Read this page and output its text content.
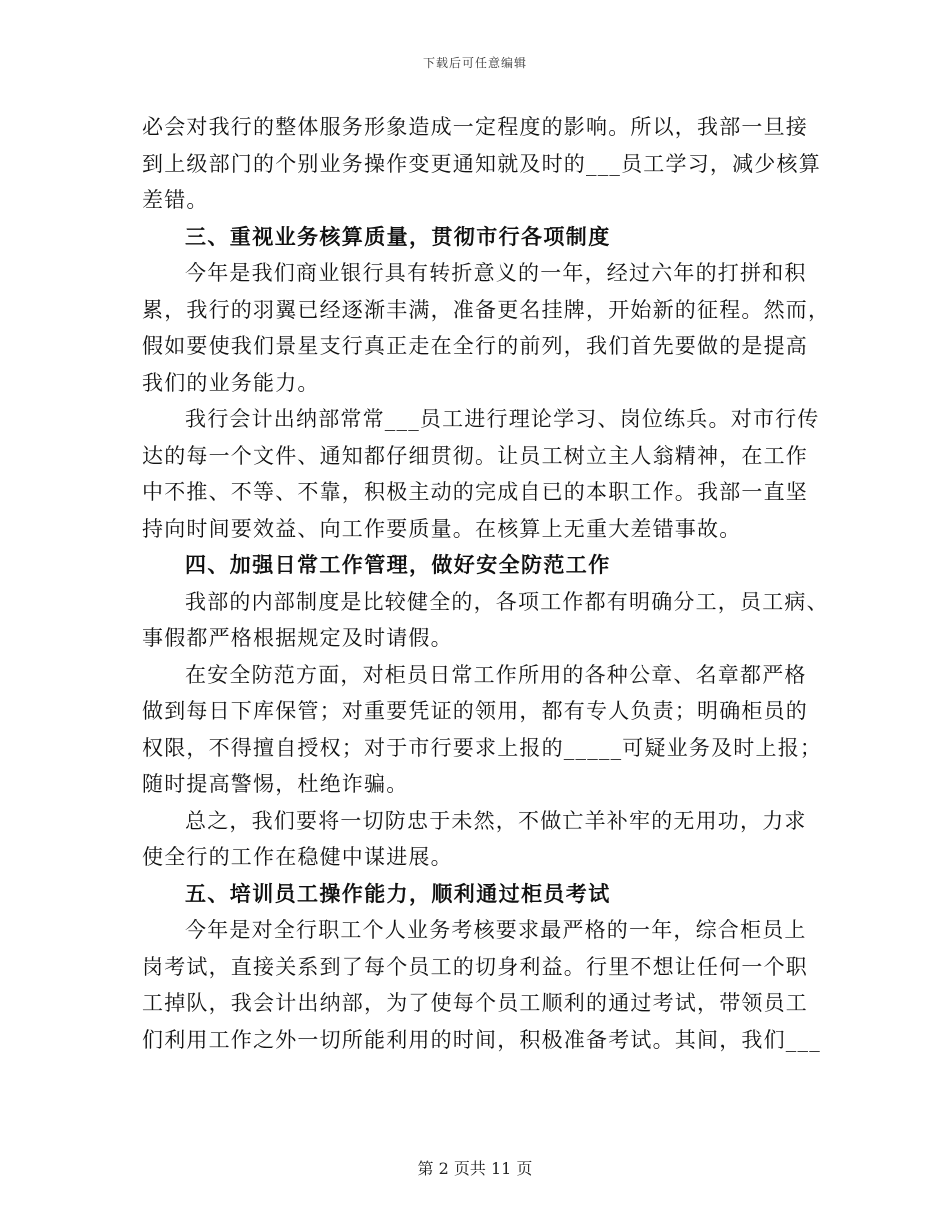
下载后可任意编辑
必会对我行的整体服务形象造成一定程度的影响。所以，我部一旦接
到上级部门的个别业务操作变更通知就及时的___员工学习，减少核算
差错。
三、重视业务核算质量，贯彻市行各项制度
今年是我们商业银行具有转折意义的一年，经过六年的打拼和积
累，我行的羽翼已经逐渐丰满，准备更名挂牌，开始新的征程。然而，
假如要使我们景星支行真正走在全行的前列，我们首先要做的是提高
我们的业务能力。
我行会计出纳部常常___员工进行理论学习、岗位练兵。对市行传
达的每一个文件、通知都仔细贯彻。让员工树立主人翁精神，在工作
中不推、不等、不靠，积极主动的完成自已的本职工作。我部一直坚
持向时间要效益、向工作要质量。在核算上无重大差错事故。
四、加强日常工作管理，做好安全防范工作
我部的内部制度是比较健全的，各项工作都有明确分工，员工病、
事假都严格根据规定及时请假。
在安全防范方面，对柜员日常工作所用的各种公章、名章都严格
做到每日下库保管；对重要凭证的领用，都有专人负责；明确柜员的
权限，不得擅自授权；对于市行要求上报的_____可疑业务及时上报；
随时提高警惕，杜绝诈骗。
总之，我们要将一切防忠于未然，不做亡羊补牢的无用功，力求
使全行的工作在稳健中谋进展。
五、培训员工操作能力，顺利通过柜员考试
今年是对全行职工个人业务考核要求最严格的一年，综合柜员上
岗考试，直接关系到了每个员工的切身利益。行里不想让任何一个职
工掉队，我会计出纳部，为了使每个员工顺利的通过考试，带领员工
们利用工作之外一切所能利用的时间，积极准备考试。其间，我们___
第 2 页共 11 页
